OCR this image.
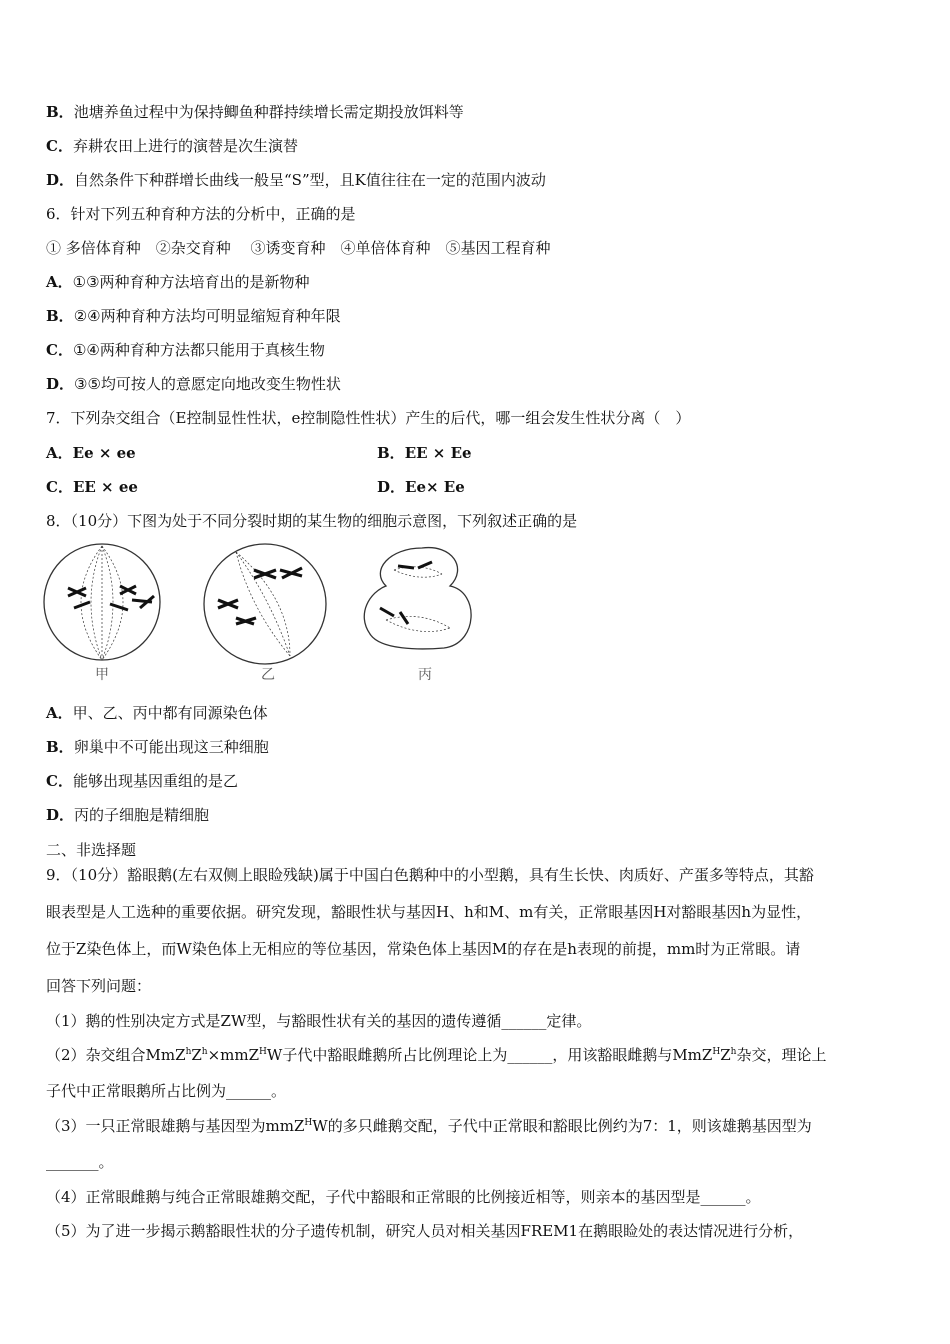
B．池塘养鱼过程中为保持鲫鱼种群持续增长需定期投放饵料等
C．弃耕农田上进行的演替是次生演替
D．自然条件下种群增长曲线一般呈“S”型，且K值往往在一定的范围内波动
6．针对下列五种育种方法的分析中，正确的是
① 多倍体育种　②杂交育种　 ③诱变育种　④单倍体育种　⑤基因工程育种
A．①③两种育种方法培育出的是新物种
B．②④两种育种方法均可明显缩短育种年限
C．①④两种育种方法都只能用于真核生物
D．③⑤均可按人的意愿定向地改变生物性状
7．下列杂交组合（E控制显性性状，e控制隐性性状）产生的后代，哪一组会发生性状分离（　）
A．Ee × ee	B．EE × Ee
C．EE × ee	D．Ee× Ee
8．（10分）下图为处于不同分裂时期的某生物的细胞示意图，下列叙述正确的是
甲	乙	丙
A．甲、乙、丙中都有同源染色体
B．卵巢中不可能出现这三种细胞
C．能够出现基因重组的是乙
D．丙的子细胞是精细胞
二、非选择题
9．（10分）豁眼鹅(左右双侧上眼睑残缺)属于中国白色鹅种中的小型鹅，具有生长快、肉质好、产蛋多等特点，其豁
眼表型是人工选种的重要依据。研究发现，豁眼性状与基因H、h和M、m有关，正常眼基因H对豁眼基因h为显性，
位于Z染色体上，而W染色体上无相应的等位基因，常染色体上基因M的存在是h表现的前提，mm时为正常眼。请
回答下列问题：
（1）鹅的性别决定方式是ZW型，与豁眼性状有关的基因的遗传遵循______定律。
（2）杂交组合$MmZ^hZ^h\times mmZ^HW$子代中豁眼雌鹅所占比例理论上为______，用该豁眼雌鹅与$MmZ^HZ^h$杂交，理论上
子代中正常眼鹅所占比例为______。
（3）一只正常眼雄鹅与基因型为mmZ$^H$W的多只雌鹅交配，子代中正常眼和豁眼比例约为7：1，则该雄鹅基因型为
_______。
（4）正常眼雌鹅与纯合正常眼雄鹅交配，子代中豁眼和正常眼的比例接近相等，则亲本的基因型是______。
（5）为了进一步揭示鹅豁眼性状的分子遗传机制，研究人员对相关基因FREM1在鹅眼睑处的表达情况进行分析，
